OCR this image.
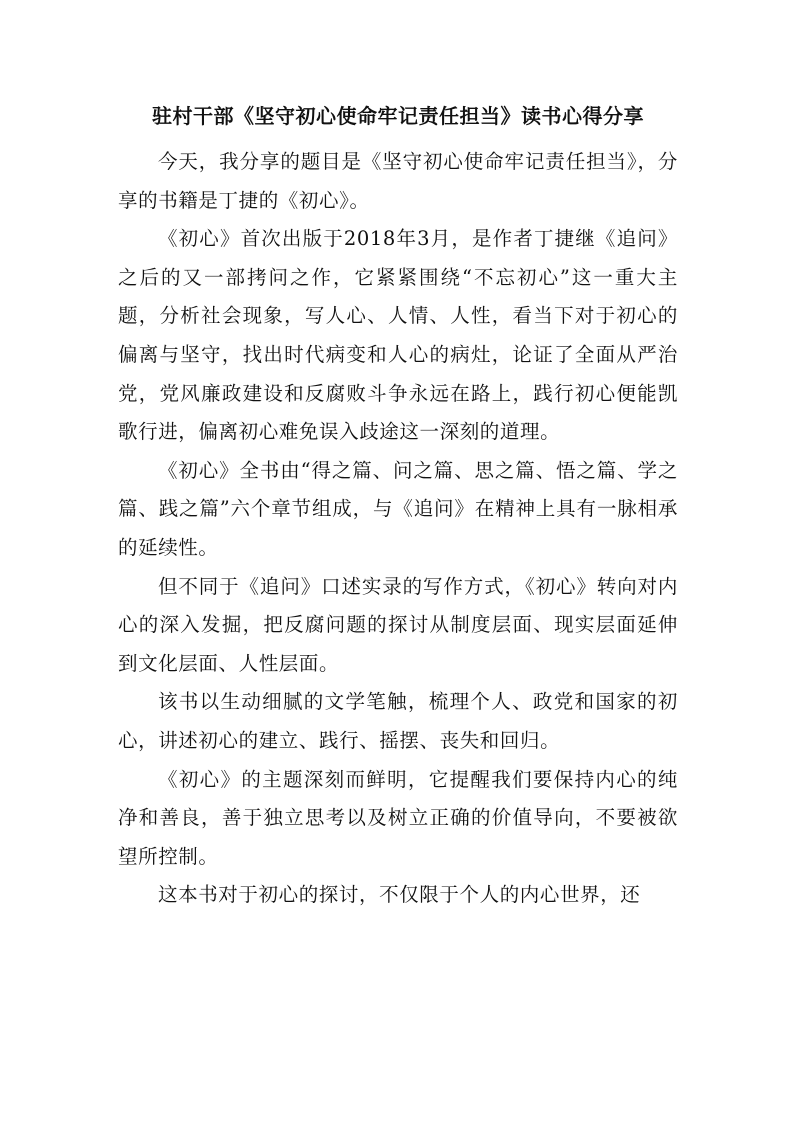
驻村干部《坚守初心使命牢记责任担当》读书心得分享

今天，我分享的题目是《坚守初心使命牢记责任担当》，分享的书籍是丁捷的《初心》。

《初心》首次出版于2018年3月，是作者丁捷继《追问》之后的又一部拷问之作，它紧紧围绕“不忘初心”这一重大主题，分析社会现象，写人心、人情、人性，看当下对于初心的偏离与坚守，找出时代病变和人心的病灶，论证了全面从严治党，党风廉政建设和反腐败斗争永远在路上，践行初心便能凯歌行进，偏离初心难免误入歧途这一深刻的道理。

《初心》全书由“得之篇、问之篇、思之篇、悟之篇、学之篇、践之篇”六个章节组成，与《追问》在精神上具有一脉相承的延续性。

但不同于《追问》口述实录的写作方式，《初心》转向对内心的深入发掘，把反腐问题的探讨从制度层面、现实层面延伸到文化层面、人性层面。

该书以生动细腻的文学笔触，梳理个人、政党和国家的初心，讲述初心的建立、践行、摇摆、丧失和回归。

《初心》的主题深刻而鲜明，它提醒我们要保持内心的纯净和善良，善于独立思考以及树立正确的价值导向，不要被欲望所控制。

这本书对于初心的探讨，不仅限于个人的内心世界，还
